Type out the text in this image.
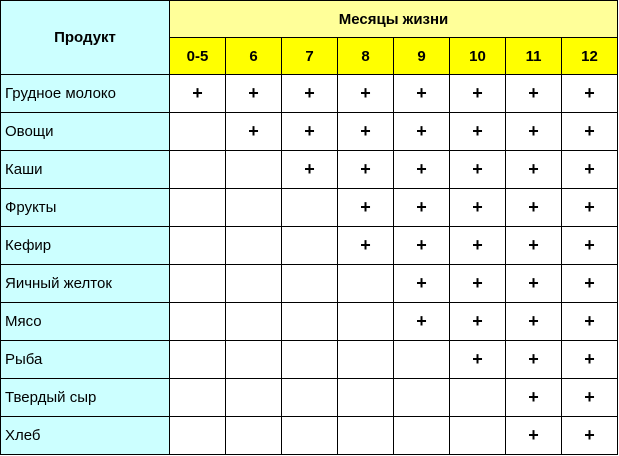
Продукт	Месяцы жизни							
	0-5	6	7	8	9	10	11	12
Грудное молоко	+	+	+	+	+	+	+	+
Овощи		+	+	+	+	+	+	+
Каши			+	+	+	+	+	+
Фрукты				+	+	+	+	+
Кефир				+	+	+	+	+
Яичный желток					+	+	+	+
Мясо					+	+	+	+
Рыба						+	+	+
Твердый сыр							+	+
Хлеб							+	+
